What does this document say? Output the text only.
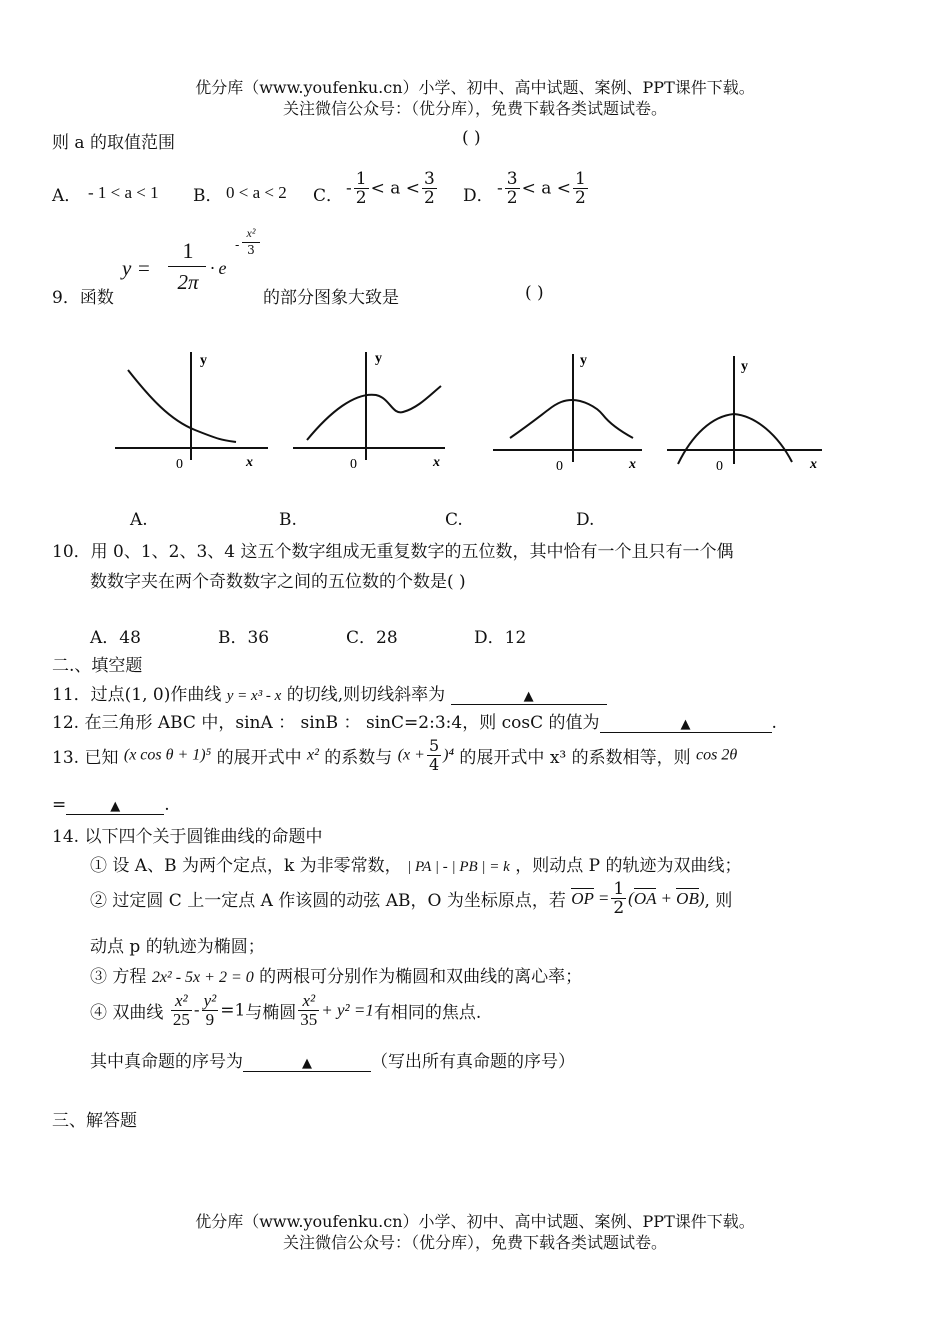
优分库（www.youfenku.cn）小学、初中、高中试题、案例、PPT课件下载。
关注微信公众号：（优分库），免费下载各类试题试卷。
则 a 的取值范围	( )
A． - 1 < a < 1 B． 0 < a < 2 C． - $\frac{1}{2} < a < \frac{3}{2}$ D． - $\frac{3}{2} < a < \frac{1}{2}$
9．函数
y =
1
2π
· e
-
x²
3
的部分图象大致是	( )
y
0	x
y
0	x
y
0	x
y
0	x
A.	B.	C.	D.
10．用 0、1、2、3、4 这五个数字组成无重复数字的五位数，其中恰有一个且只有一个偶
数数字夹在两个奇数数字之间的五位数的个数是( )
A．48	B．36	C．28	D．12
二.、填空题
11．过点(1, 0)作曲线 y = x³ - x 的切线,则切线斜率为	▲
12. 在三角形 ABC 中，sinA ： sinB ： sinC=2:3:4，则 cosC 的值为	▲	.
13. 已知 (x cos θ + 1)⁵ 的展开式中 x² 的系数与 $(x + \frac{5}{4} )^4$ 的展开式中 x³ 的系数相等，则 cos 2θ
=	▲	.
14. 以下四个关于圆锥曲线的命题中
① 设 A、B 为两个定点，k 为非零常数， | PA | - | PB | = k ，则动点 P 的轨迹为双曲线；
② 过定圆 C 上一定点 A 作该圆的动弦 AB，O 为坐标原点，若 OP = $\frac{1}{2} (OA + OB)$, 则
动点 p 的轨迹为椭圆；
③ 方程 2x² - 5x + 2 = 0 的两根可分别作为椭圆和双曲线的离心率；
④ 双曲线 $\frac{\text{x²}}{25} - \frac{\text{y²}}{9} =1$与椭圆 $\frac{\text{x²}}{35} + y^2 =1$有相同的焦点.
其中真命题的序号为	▲	（写出所有真命题的序号）
三、解答题
优分库（www.youfenku.cn）小学、初中、高中试题、案例、PPT课件下载。
关注微信公众号：（优分库），免费下载各类试题试卷。
